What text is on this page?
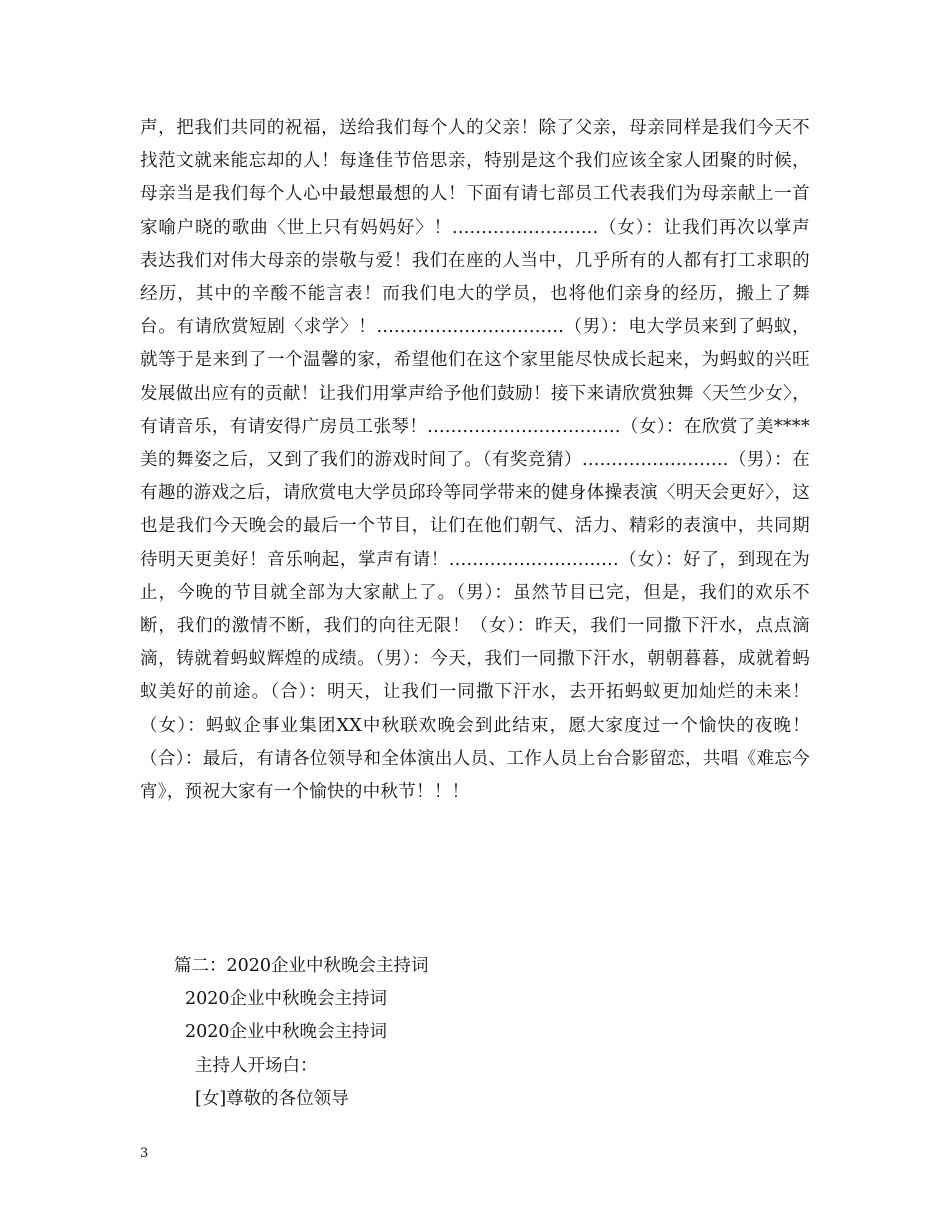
声，把我们共同的祝福，送给我们每个人的父亲！除了父亲，母亲同样是我们今天不找范文就来能忘却的人！每逢佳节倍思亲，特别是这个我们应该全家人团聚的时候，母亲当是我们每个人心中最想最想的人！下面有请七部员工代表我们为母亲献上一首家喻户晓的歌曲〈世上只有妈妈好〉！.........................（女）：让我们再次以掌声表达我们对伟大母亲的崇敬与爱！我们在座的人当中，几乎所有的人都有打工求职的经历，其中的辛酸不能言表！而我们电大的学员，也将他们亲身的经历，搬上了舞台。有请欣赏短剧〈求学〉！................................（男）：电大学员来到了蚂蚁，就等于是来到了一个温馨的家，希望他们在这个家里能尽快成长起来，为蚂蚁的兴旺发展做出应有的贡献！让我们用掌声给予他们鼓励！接下来请欣赏独舞〈天竺少女〉，有请音乐，有请安得广房员工张琴！.................................（女）：在欣赏了美****美的舞姿之后，又到了我们的游戏时间了。（有奖竞猜）.........................（男）：在有趣的游戏之后，请欣赏电大学员邱玲等同学带来的健身体操表演〈明天会更好〉，这也是我们今天晚会的最后一个节目，让们在他们朝气、活力、精彩的表演中，共同期待明天更美好！音乐响起，掌声有请！.............................（女）：好了，到现在为止，今晚的节目就全部为大家献上了。（男）：虽然节目已完，但是，我们的欢乐不断，我们的激情不断，我们的向往无限！（女）：昨天，我们一同撒下汗水，点点滴滴，铸就着蚂蚁辉煌的成绩。（男）：今天，我们一同撒下汗水，朝朝暮暮，成就着蚂蚁美好的前途。（合）：明天，让我们一同撒下汗水，去开拓蚂蚁更加灿烂的未来！（女）：蚂蚁企事业集团XX中秋联欢晚会到此结束，愿大家度过一个愉快的夜晚！（合）：最后，有请各位领导和全体演出人员、工作人员上台合影留恋，共唱《难忘今宵》，预祝大家有一个愉快的中秋节！！！

篇二：2020企业中秋晚会主持词
2020企业中秋晚会主持词
2020企业中秋晚会主持词
主持人开场白：
[女]尊敬的各位领导
3
